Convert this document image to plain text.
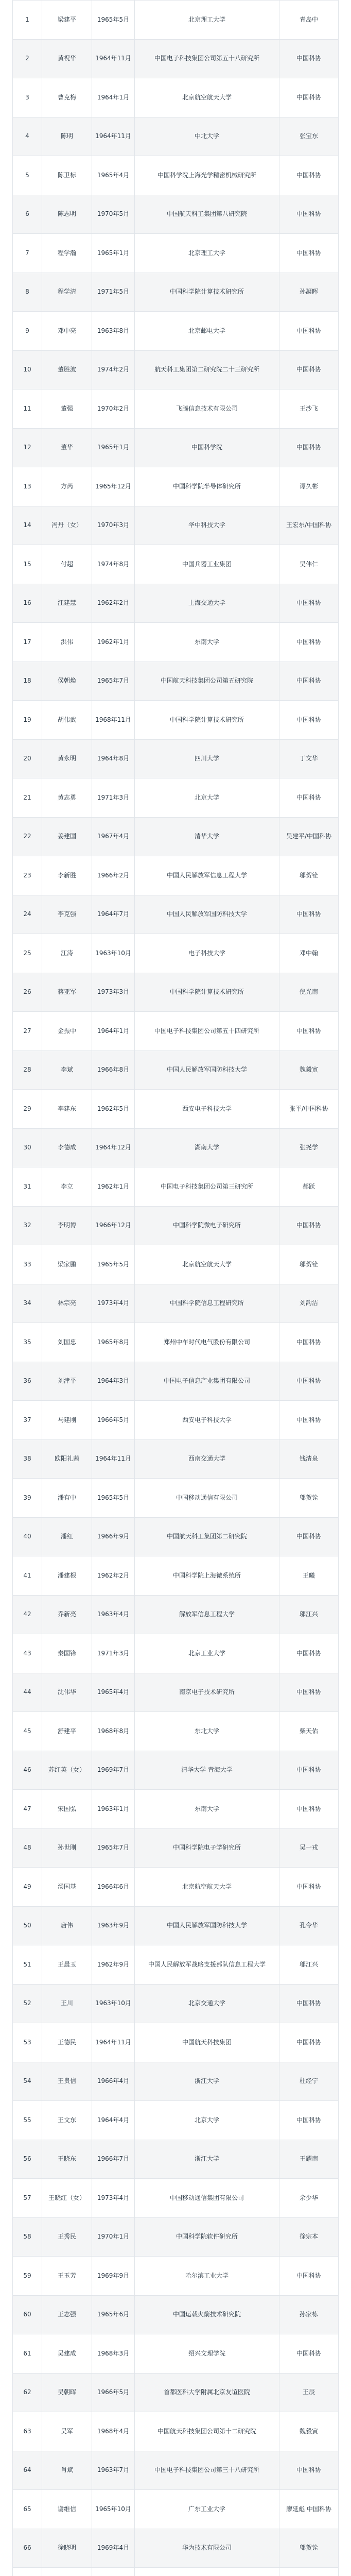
1	梁建平	1965年5月	北京理工大学	青岛中
2	黄祝华	1964年11月	中国电子科技集团公司第五十八研究所	中国科协
3	曹克梅	1964年1月	北京航空航天大学	中国科协
4	陈明	1964年11月	中北大学	张宝东
5	陈卫标	1965年4月	中国科学院上海光学精密机械研究所	中国科协
6	陈志明	1970年5月	中国航天科工集团第八研究院	中国科协
7	程学瀚	1965年1月	北京理工大学	中国科协
8	程学清	1971年5月	中国科学院计算技术研究所	孙凝晖
9	邓中亮	1963年8月	北京邮电大学	中国科协
10	董胜波	1974年2月	航天科工集团第二研究院二十三研究所	中国科协
11	董强	1970年2月	飞腾信息技术有限公司	王沙飞
12	董华	1965年1月	中国科学院	中国科协
13	方芮	1965年12月	中国科学院半导体研究所	谭久彬
14	冯丹（女）	1970年3月	华中科技大学	王宏东/中国科协
15	付超	1974年8月	中国兵器工业集团	吴伟仁
16	江建慧	1962年2月	上海交通大学	中国科协
17	洪伟	1962年1月	东南大学	中国科协
18	侯朝焕	1965年7月	中国航天科技集团公司第五研究院	中国科协
19	胡伟武	1968年11月	中国科学院计算技术研究所	中国科协
20	黄永明	1964年8月	四川大学	丁文华
21	黄志勇	1971年3月	北京大学	中国科协
22	姜建国	1967年4月	清华大学	吴建平/中国科协
23	李新胜	1966年2月	中国人民解放军信息工程大学	邬贺铨
24	李克强	1964年7月	中国人民解放军国防科技大学	中国科协
25	江涛	1963年10月	电子科技大学	邓中翰
26	蒋亚军	1973年3月	中国科学院计算技术研究所	倪光南
27	金振中	1964年1月	中国电子科技集团公司第五十四研究所	中国科协
28	李斌	1966年8月	中国人民解放军国防科技大学	魏毅寅
29	李建东	1962年5月	西安电子科技大学	张平/中国科协
30	李德成	1964年12月	湖南大学	张尧学
31	李立	1962年1月	中国电子科技集团公司第三研究所	郝跃
32	李明博	1966年12月	中国科学院微电子研究所	中国科协
33	梁家鹏	1965年5月	北京航空航天大学	邬贺铨
34	林宗亮	1973年4月	中国科学院信息工程研究所	刘韵洁
35	刘国忠	1965年8月	郑州中车时代电气股份有限公司	中国科协
36	刘津平	1964年3月	中国电子信息产业集团有限公司	中国科协
37	马建刚	1966年5月	西安电子科技大学	中国科协
38	欧阳礼茜	1964年11月	西南交通大学	钱清泉
39	潘有中	1965年5月	中国移动通信有限公司	邬贺铨
40	潘红	1966年9月	中国航天科工集团第二研究院	中国科协
41	潘建根	1962年2月	中国科学院上海微系统所	王曦
42	乔新亮	1963年4月	解放军信息工程大学	邬江兴
43	秦国锋	1971年3月	北京工业大学	中国科协
44	沈伟华	1965年4月	南京电子技术研究所	中国科协
45	舒建平	1968年8月	东北大学	柴天佑
46	苏红英（女）	1969年7月	清华大学 青海大学	中国科协
47	宋国弘	1963年1月	东南大学	中国科协
48	孙世刚	1965年7月	中国科学院电子学研究所	吴一戎
49	汤国基	1966年6月	北京航空航天大学	中国科协
50	唐伟	1963年9月	中国人民解放军国防科技大学	孔令华
51	王晨玉	1962年9月	中国人民解放军战略支援部队信息工程大学	邬江兴
52	王川	1963年10月	北京交通大学	中国科协
53	王德民	1964年11月	中国航天科技集团	中国科协
54	王贵信	1966年4月	浙江大学	杜经宁
55	王文东	1964年4月	北京大学	中国科协
56	王晓东	1966年7月	浙江大学	王耀南
57	王晓红（女）	1973年4月	中国移动通信集团有限公司	余少华
58	王秀民	1970年1月	中国科学院软件研究所	徐宗本
59	王玉芳	1969年9月	哈尔滨工业大学	中国科协
60	王志强	1965年6月	中国运载火箭技术研究院	孙家栋
61	吴建成	1968年3月	绍兴文理学院	中国科协
62	吴朝晖	1966年5月	首都医科大学附属北京友谊医院	王辰
63	吴军	1968年4月	中国航天科技集团公司第十二研究院	魏毅寅
64	肖斌	1963年7月	中国电子科技集团公司第三十八研究所	中国科协
65	谢维信	1965年10月	广东工业大学	廖延彪 中国科协
66	徐晓明	1969年4月	华为技术有限公司	邬贺铨
